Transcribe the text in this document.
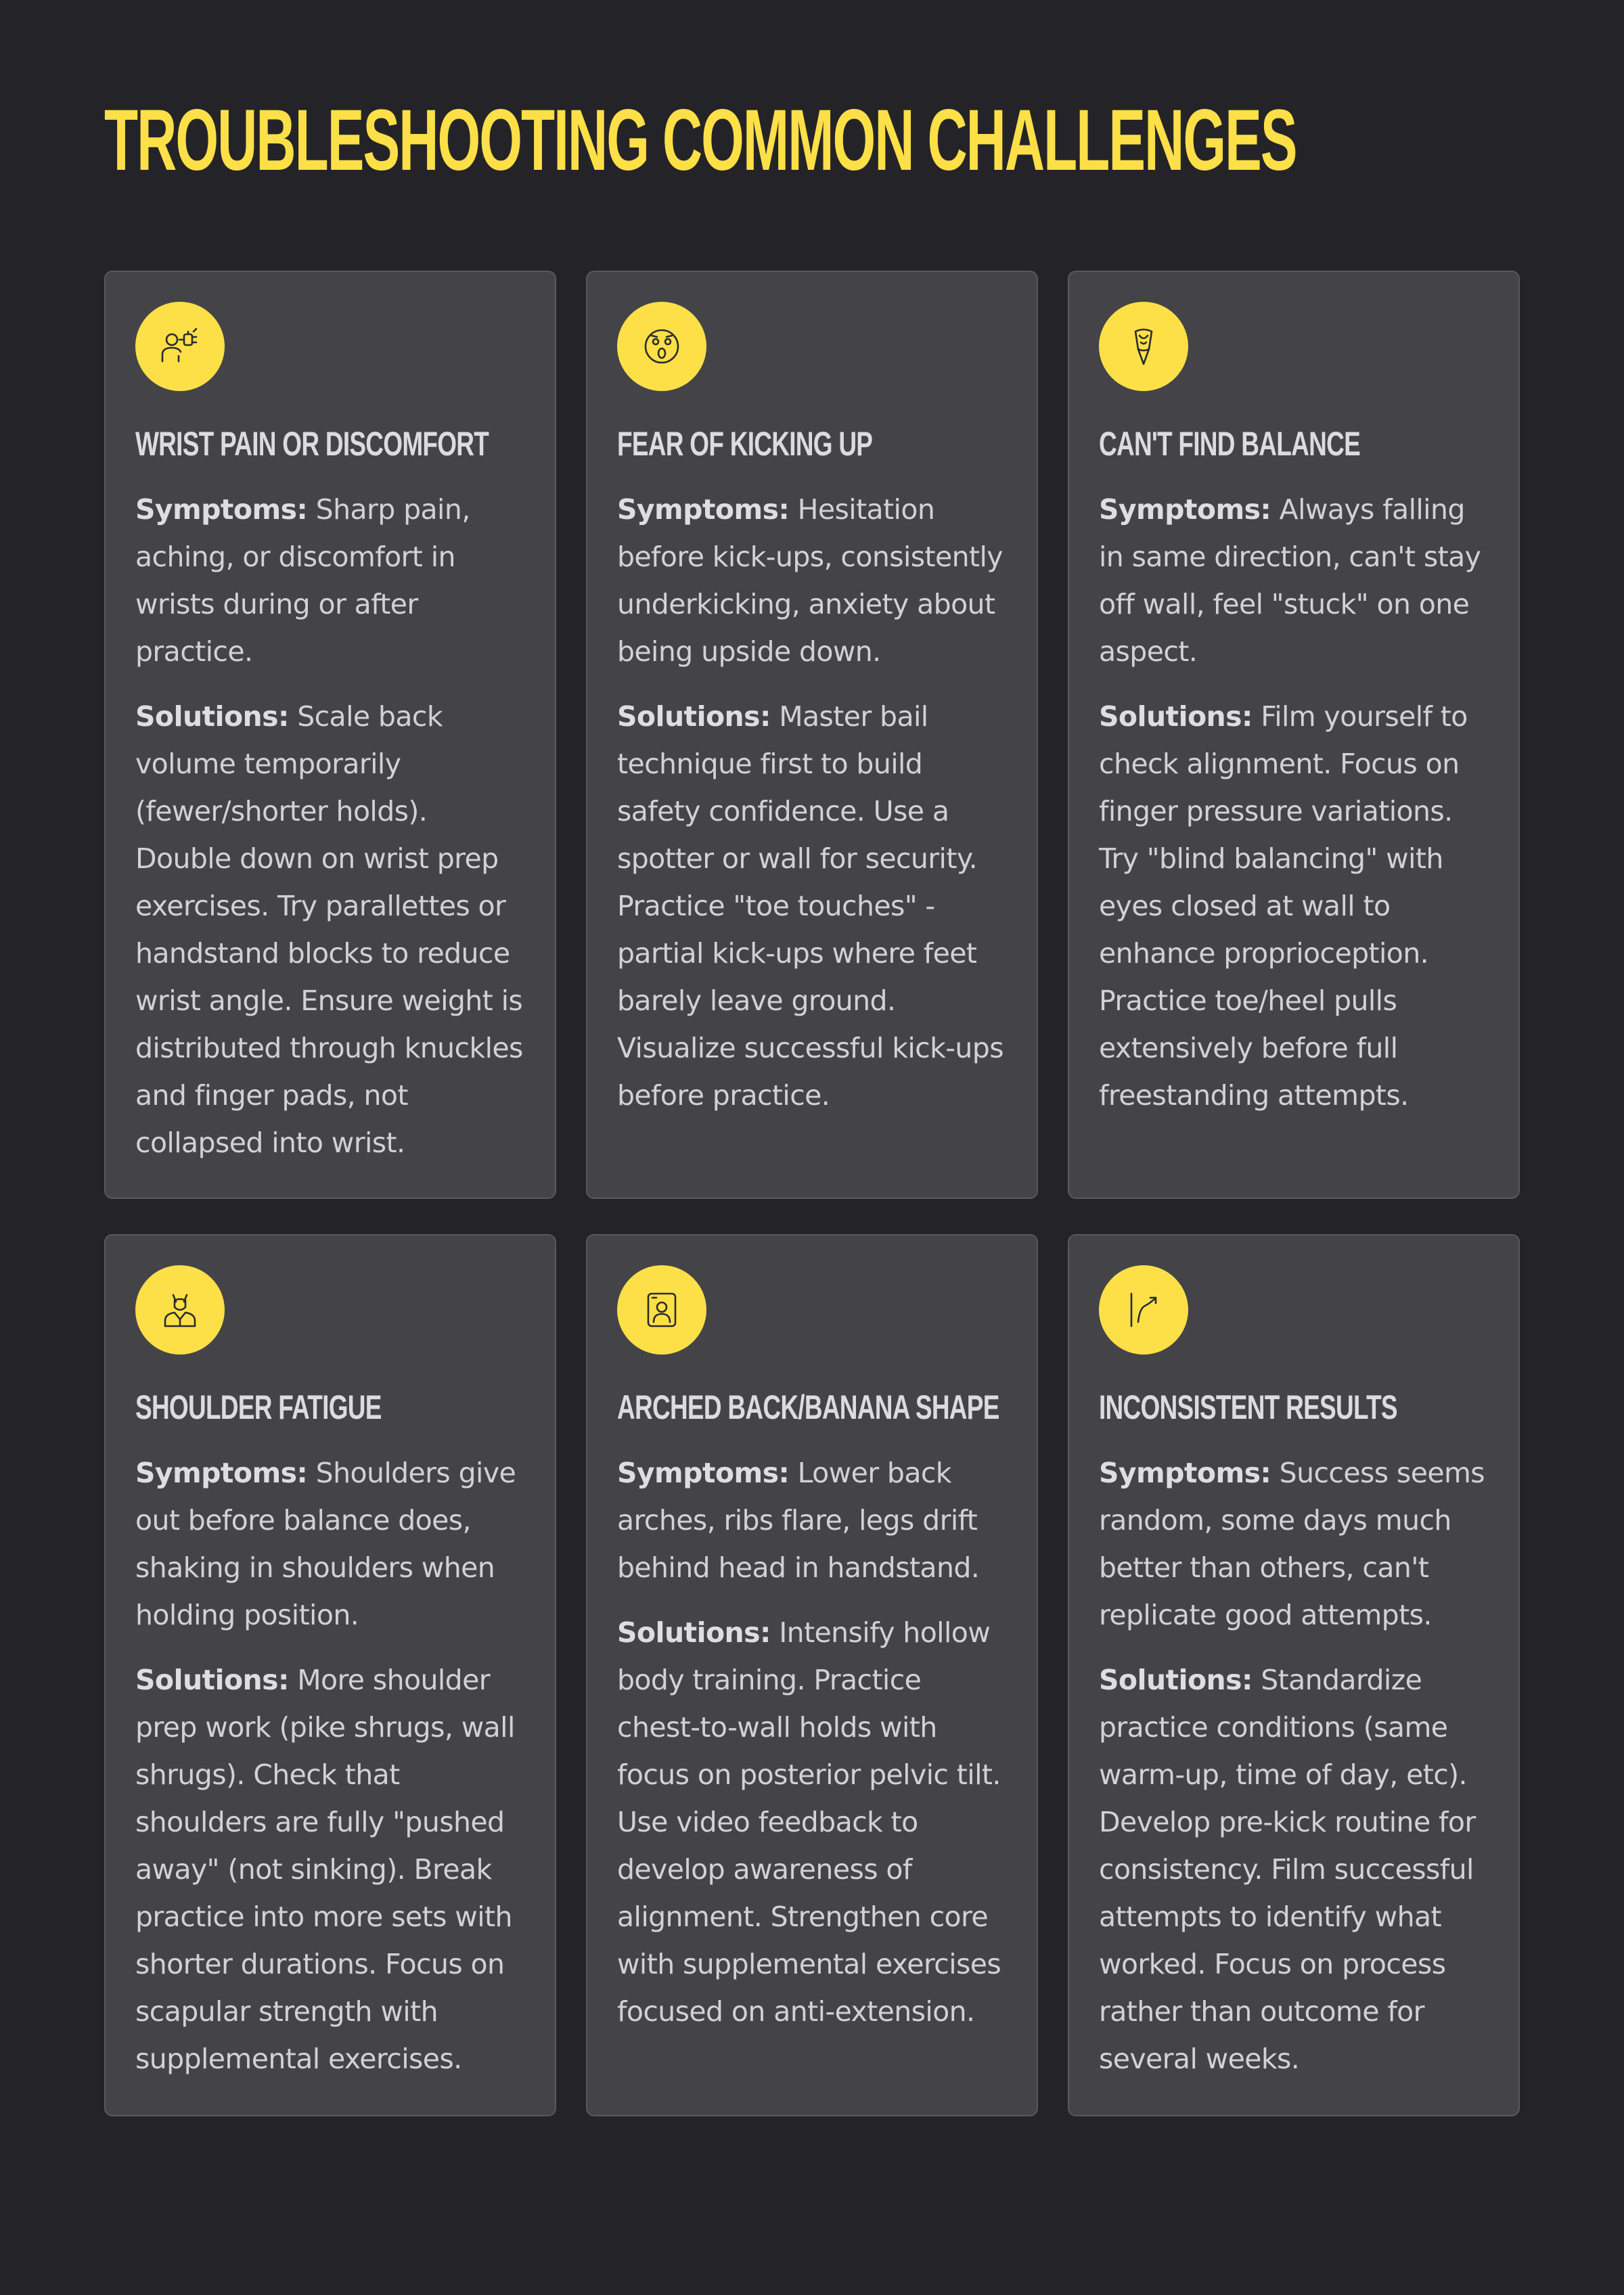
TROUBLESHOOTING COMMON CHALLENGES
WRIST PAIN OR DISCOMFORT

Symptoms: Sharp pain, aching, or discomfort in wrists during or after practice.

Solutions: Scale back volume temporarily (fewer/shorter holds). Double down on wrist prep exercises. Try parallettes or handstand blocks to reduce wrist angle. Ensure weight is distributed through knuckles and finger pads, not collapsed into wrist.

FEAR OF KICKING UP

Symptoms: Hesitation before kick-ups, consistently underkicking, anxiety about being upside down.

Solutions: Master bail technique first to build safety confidence. Use a spotter or wall for security. Practice "toe touches" - partial kick-ups where feet barely leave ground. Visualize successful kick-ups before practice.

CAN'T FIND BALANCE

Symptoms: Always falling in same direction, can't stay off wall, feel "stuck" on one aspect.

Solutions: Film yourself to check alignment. Focus on finger pressure variations. Try "blind balancing" with eyes closed at wall to enhance proprioception. Practice toe/heel pulls extensively before full freestanding attempts.

SHOULDER FATIGUE

Symptoms: Shoulders give out before balance does, shaking in shoulders when holding position.

Solutions: More shoulder prep work (pike shrugs, wall shrugs). Check that shoulders are fully "pushed away" (not sinking). Break practice into more sets with shorter durations. Focus on scapular strength with supplemental exercises.

ARCHED BACK/BANANA SHAPE

Symptoms: Lower back arches, ribs flare, legs drift behind head in handstand.

Solutions: Intensify hollow body training. Practice chest-to-wall holds with focus on posterior pelvic tilt. Use video feedback to develop awareness of alignment. Strengthen core with supplemental exercises focused on anti-extension.

INCONSISTENT RESULTS

Symptoms: Success seems random, some days much better than others, can't replicate good attempts.

Solutions: Standardize practice conditions (same warm-up, time of day, etc). Develop pre-kick routine for consistency. Film successful attempts to identify what worked. Focus on process rather than outcome for several weeks.
